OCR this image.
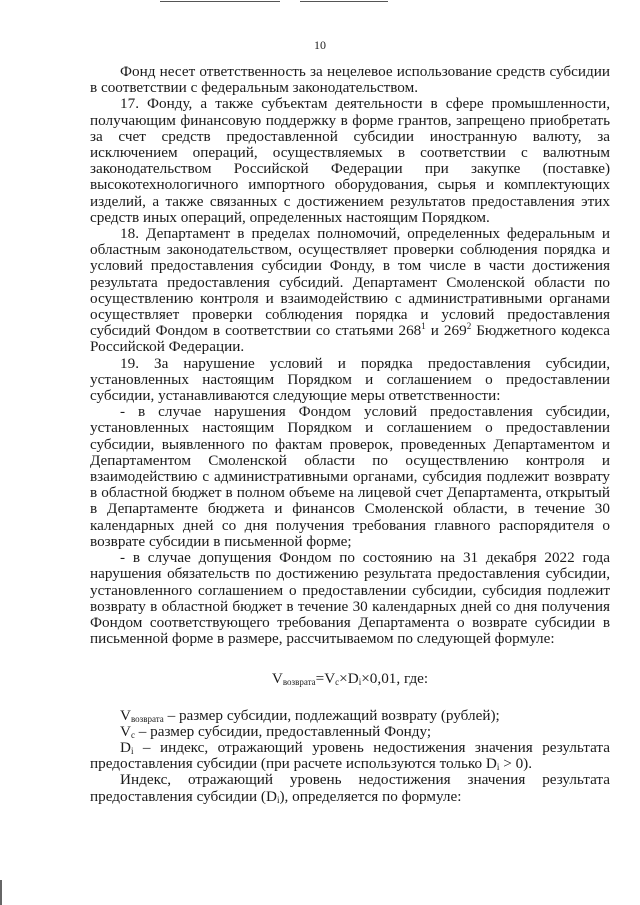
10

Фонд несет ответственность за нецелевое использование средств субсидии в соответствии с федеральным законодательством.

17. Фонду, а также субъектам деятельности в сфере промышленности, получающим финансовую поддержку в форме грантов, запрещено приобретать за счет средств предоставленной субсидии иностранную валюту, за исключением операций, осуществляемых в соответствии с валютным законодательством Российской Федерации при закупке (поставке) высокотехнологичного импортного оборудования, сырья и комплектующих изделий, а также связанных с достижением результатов предоставления этих средств иных операций, определенных настоящим Порядком.

18. Департамент в пределах полномочий, определенных федеральным и областным законодательством, осуществляет проверки соблюдения порядка и условий предоставления субсидии Фонду, в том числе в части достижения результата предоставления субсидий. Департамент Смоленской области по осуществлению контроля и взаимодействию с административными органами осуществляет проверки соблюдения порядка и условий предоставления субсидий Фондом в соответствии со статьями $268^1$ и $269^2$ Бюджетного кодекса Российской Федерации.

19. За нарушение условий и порядка предоставления субсидии, установленных настоящим Порядком и соглашением о предоставлении субсидии, устанавливаются следующие меры ответственности:

- в случае нарушения Фондом условий предоставления субсидии, установленных настоящим Порядком и соглашением о предоставлении субсидии, выявленного по фактам проверок, проведенных Департаментом и Департаментом Смоленской области по осуществлению контроля и взаимодействию с административными органами, субсидия подлежит возврату в областной бюджет в полном объеме на лицевой счет Департамента, открытый в Департаменте бюджета и финансов Смоленской области, в течение 30 календарных дней со дня получения требования главного распорядителя о возврате субсидии в письменной форме;

- в случае допущения Фондом по состоянию на 31 декабря 2022 года нарушения обязательств по достижению результата предоставления субсидии, установленного соглашением о предоставлении субсидии, субсидия подлежит возврату в областной бюджет в течение 30 календарных дней со дня получения Фондом соответствующего требования Департамента о возврате субсидии в письменной форме в размере, рассчитываемом по следующей формуле:

$V_{возврата}=V_c\times D_i\times 0,01$, где:

$V_{возврата}$ – размер субсидии, подлежащий возврату (рублей);

$V_c$ – размер субсидии, предоставленный Фонду;

$D_i$ – индекс, отражающий уровень недостижения значения результата предоставления субсидии (при расчете используются только $D_i > 0$).

Индекс, отражающий уровень недостижения значения результата предоставления субсидии $(D_i)$, определяется по формуле:
